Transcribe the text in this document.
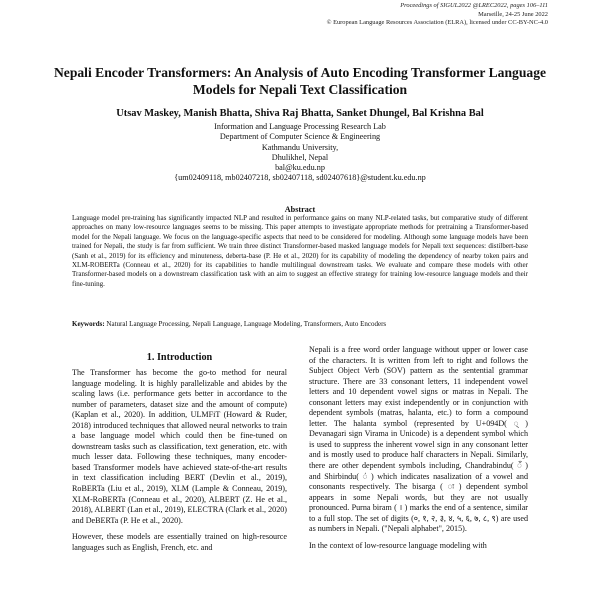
Proceedings of SIGUL2022 @LREC2022, pages 106–111
Marseille, 24-25 June 2022
© European Language Resources Association (ELRA), licensed under CC-BY-NC-4.0
Nepali Encoder Transformers: An Analysis of Auto Encoding Transformer Language Models for Nepali Text Classification
Utsav Maskey, Manish Bhatta, Shiva Raj Bhatta, Sanket Dhungel, Bal Krishna Bal
Information and Language Processing Research Lab
Department of Computer Science & Engineering
Kathmandu University,
Dhulikhel, Nepal
bal@ku.edu.np
{um02409118, mb02407218, sb02407118, sd02407618}@student.ku.edu.np
Abstract

Language model pre-training has significantly impacted NLP and resulted in performance gains on many NLP-related tasks, but comparative study of different approaches on many low-resource languages seems to be missing. This paper attempts to investigate appropriate methods for pretraining a Transformer-based model for the Nepali language. We focus on the language-specific aspects that need to be considered for modeling. Although some language models have been trained for Nepali, the study is far from sufficient. We train three distinct Transformer-based masked language models for Nepali text sequences: distilbert-base (Sanh et al., 2019) for its efficiency and minuteness, deberta-base (P. He et al., 2020) for its capability of modeling the dependency of nearby token pairs and XLM-ROBERTa (Conneau et al., 2020) for its capabilities to handle multilingual downstream tasks. We evaluate and compare these models with other Transformer-based models on a downstream classification task with an aim to suggest an effective strategy for training low-resource language models and their fine-tuning.

Keywords: Natural Language Processing, Nepali Language, Language Modeling, Transformers, Auto Encoders

1. Introduction

The Transformer has become the go-to method for neural language modeling. It is highly parallelizable and abides by the scaling laws (i.e. performance gets better in accordance to the number of parameters, dataset size and the amount of compute) (Kaplan et al., 2020). In addition, ULMFiT (Howard & Ruder, 2018) introduced techniques that allowed neural networks to train a base language model which could then be fine-tuned on downstream tasks such as classification, text generation, etc. with much lesser data. Following these techniques, many encoder-based Transformer models have achieved state-of-the-art results in text classification including BERT (Devlin et al., 2019), RoBERTa (Liu et al., 2019), XLM (Lample & Conneau, 2019), XLM-RoBERTa (Conneau et al., 2020), ALBERT (Z. He et al., 2018), ALBERT (Lan et al., 2019), ELECTRA (Clark et al., 2020) and DeBERTa (P. He et al., 2020).

However, these models are essentially trained on high-resource languages such as English, French, etc. and

Nepali is a free word order language without upper or lower case of the characters. It is written from left to right and follows the Subject Object Verb (SOV) pattern as the sentential grammar structure. There are 33 consonant letters, 11 independent vowel letters and 10 dependent vowel signs or matras in Nepali. The consonant letters may exist independently or in conjunction with dependent symbols (matras, halanta, etc.) to form a compound letter. The halanta symbol (represented by U+094D( ् ) Devanagari sign Virama in Unicode) is a dependent symbol which is used to suppress the inherent vowel sign in any consonant letter and is mostly used to produce half characters in Nepali. Similarly, there are other dependent symbols including, Chandrabindu( ँ ) and Shirbindu( ं ) which indicates nasalization of a vowel and consonants respectively. The bisarga ( ः ) dependent symbol appears in some Nepali words, but they are not usually pronounced. Purna biram ( । ) marks the end of a sentence, similar to a full stop. The set of digits (०, १, २, ३, ४, ५, ६, ७, ८, ९) are used as numbers in Nepali. ("Nepali alphabet", 2015).

In the context of low-resource language modeling with
